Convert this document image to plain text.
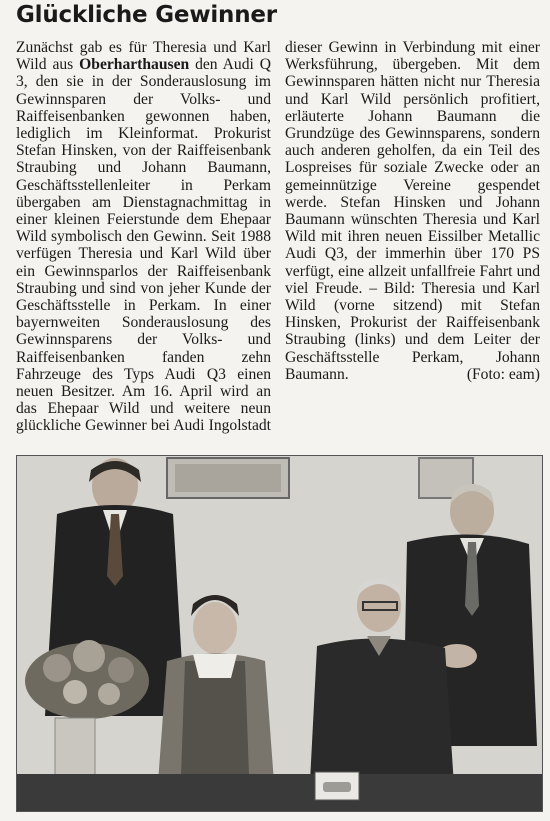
Glückliche Gewinner

Zunächst gab es für Theresia und Karl Wild aus Oberharthausen den Audi Q 3, den sie in der Sonderauslosung im Gewinnsparen der Volks- und Raiffeisenbanken gewonnen haben, lediglich im Kleinformat. Prokurist Stefan Hinsken, von der Raiffeisenbank Straubing und Johann Baumann, Geschäftsstellenleiter in Perkam übergaben am Dienstagnachmittag in einer kleinen Feierstunde dem Ehepaar Wild symbolisch den Gewinn. Seit 1988 verfügen Theresia und Karl Wild über ein Gewinnsparlos der Raiffeisenbank Straubing und sind von jeher Kunde der Geschäftsstelle in Perkam. In einer bayernweiten Sonderauslosung des Gewinnsparens der Volks- und Raiffeisenbanken fanden zehn Fahrzeuge des Typs Audi Q3 einen neuen Besitzer. Am 16. April wird an das Ehepaar Wild und weitere neun glückliche Gewinner bei Audi Ingolstadt dieser Gewinn in Verbindung mit einer Werksführung, übergeben. Mit dem Gewinnsparen hätten nicht nur Theresia und Karl Wild persönlich profitiert, erläuterte Johann Baumann die Grundzüge des Gewinnsparens, sondern auch anderen geholfen, da ein Teil des Lospreises für soziale Zwecke oder an gemeinnützige Vereine gespendet werde. Stefan Hinsken und Johann Baumann wünschten Theresia und Karl Wild mit ihren neuen Eissilber Metallic Audi Q3, der immerhin über 170 PS verfügt, eine allzeit unfallfreie Fahrt und viel Freude. – Bild: Theresia und Karl Wild (vorne sitzend) mit Stefan Hinsken, Prokurist der Raiffeisenbank Straubing (links) und dem Leiter der Geschäftsstelle Perkam, Johann Baumann.	(Foto: eam)
